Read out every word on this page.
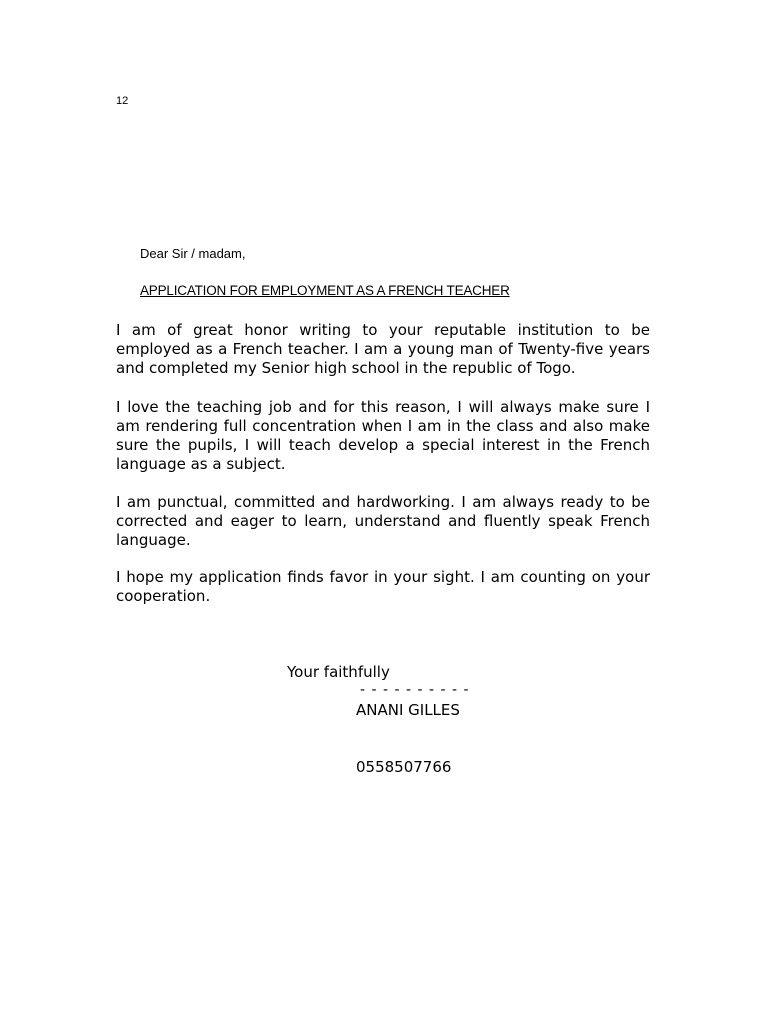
12
Dear Sir / madam,
APPLICATION FOR EMPLOYMENT AS A FRENCH TEACHER

I am of great honor writing to your reputable institution to be employed as a French teacher. I am a young man of Twenty-five years and completed my Senior high school in the republic of Togo.

I love the teaching job and for this reason, I will always make sure I am rendering full concentration when I am in the class and also make sure the pupils, I will teach develop a special interest in the French language as a subject.

I am punctual, committed and hardworking. I am always ready to be corrected and eager to learn, understand and fluently speak French language.

I hope my application finds favor in your sight. I am counting on your cooperation.

Your faithfully
- - - - - - - - - -
ANANI GILLES
0558507766
